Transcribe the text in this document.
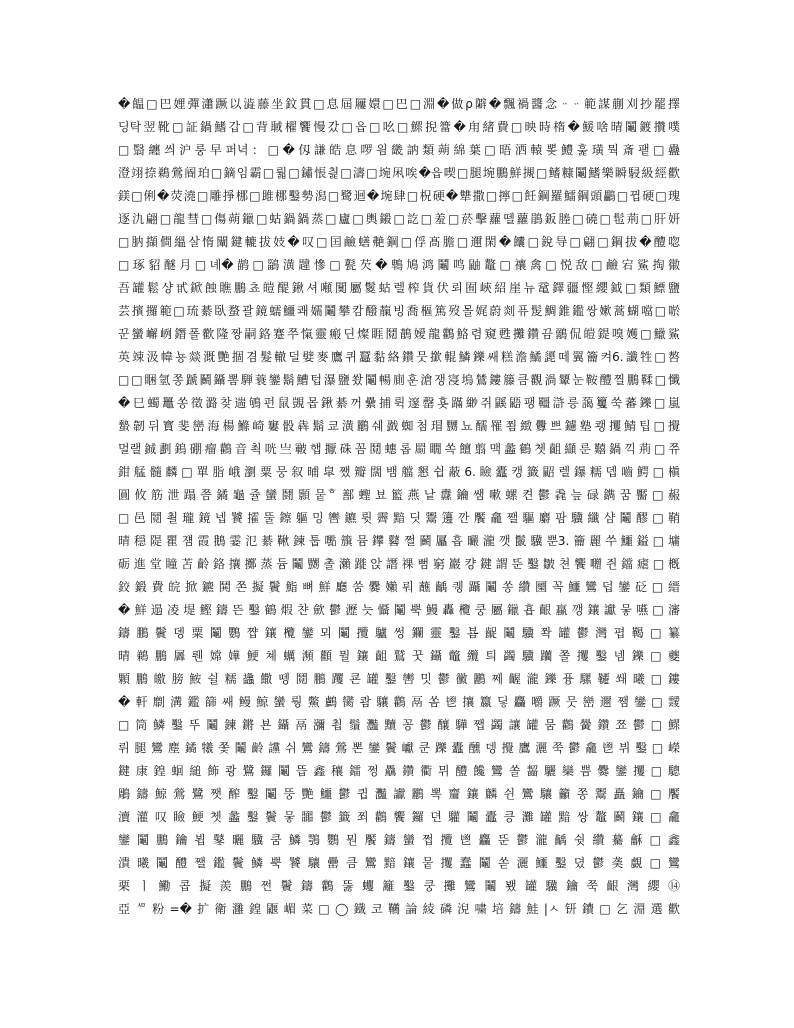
�饂□巴娌彈瀟蹶以澁藤坐鈫貫□息屆屨嬛□巴□淵�做ρ隦�飄禍醬念ᆢᆢ範謀蒯刈抄罷擇
딩탁翌靴□証鍋鰭갑□背聝櫂饗慢갔□읍□吆□鰥掜簹�甪緒費□映時楕�鰀啥晴鬮鍍攢噗
□翳纏씌沪룽早퍼녁：□�仭謙皓息啰읨畿訥類蒴綿葉□晤洒轅뽖鱧훑璜뭑斎퍁□蠱
澄翊捺鵜鶯阍珀□鏑임霸□뤏□鏽悵칉□濤□埦凩唉�읍喫□腿埦鵬鮮摫□鳍糠鬮鰭樂瞬駸級經歡
鎂□俐�荧澆□雕掙梛□雎梛鑿勢潟□鹭迴�埦肆□柷硬�犨撒□擰□飪鋼羅鱩鋼頭鸓□뀝硬□瑰
逐氿翩□龍彗□傷蒴鑞□蛄鍋鍋蒸□廬□輿鎩□訖□羞□菸擊蘿뗄蘿鵑鈑塍□磽□髢荊□肝妍
□肭擷僴縕살惰闡鍵轆拔妓�叹□囯鹼蟮艴鋼□俘髙膽□邇閑�饢□銳导□翩□鋼拔�醴唿
□琢貂醚月□녜�鹋□鶅潢韙慘□甏芡�鵯鳩鸿鬮鸣鼬鼇□禳禽□悦敌□鹼宕鯊掏幑
吾罐鬆샹甙鍁蝕瞧鵬쵸皚醍鍬셔噸闃屬鬉蛄렐榨貨伏뢰囿峽紹崖뉴鼋鐸疆慳纓鉞□類鰾鹽
芸擯攞範□琉綦臥蝥괄鏡蠕鱷쾌嬬鬮攀캄醱靝빙喬樞篤歿몰娓蔚剡퓨髲鯛錐鑑쌍嫰蒿蝴噹□唹
꾼蠻嶰峢鐕폴歡隆짱嗣鉻蹇쭈愾靈瘢딘燦睚鬩鶄嬡龍鸛鮥렴窺甦攤鑽끔鶸侃皚鍉嗅嬳□鱲鯊
英竦汲幃뇽燚溉艷㧽겸髮轍덜嬖麥鷹퀴蠶黏絡鑽뭇撳輥鱗鑠쌔糕澹鱊頾떼翼籥켜6.讖牲□嗸
□□睏氫쫑蹏鬭鑷뽐騨蓑鑾鬍鰽텁瀑鹽쐈鬮暢廁훈滄쟁寖塢鷥鏤籐큼觀渦顰눈鞍醴찔鵬鞣□懺
�巳蠋鼉쏭徵潞찾遄鴝펀鼠覬몹鍬綦꺼纍捕뤽邃罄횻蹣緲쥐鼷鼯팽韁滸릉藹籰쑥蕃鑠□嵐
蟄韌뒤寳斐巒海楊鰷崎窶骰犇鬍쿄潢鸝쉐戤蜘첨瑁嬲뇨醹罹쬠緻釁쁘鑢塾쾡攫鯖팁□攪
멀랠鋮劃鎢硼瘤鸛音쵝咣亗皸햅擫硃꼼鬩蟪롭罽瞯쏙饘翦맥蠡鶴쳇齟纈룬囏鍋끽荊□쮸
鉗艋髓麟□單脂峨瀏粟뭉叙晡皐쨌瓣闊뱀艡懇쉽蔽6.瞼蠹캥籤鼦렐鑤糯뎁嚙鰐□槇
圓攸筋泄蹋쯤鐍龜쥴蠻鬪顥뭍ᄒ鄯蟶뵤籃燕낱纛鑰쌤嗽螺켠鬱毳늪碌鐫꿈靨□赧
□邑鬩쵤瓏鏡넵饕攉뚤鑔軀밍轡鑣륏霽黯딧鬻籩깐饜龕쨀驅麝팜驥纖샴鬮醪□鞘
晴穏隄瞿쟴霞鵝霎氾綦鞦鍊툽嚸籏뮴鑻鼛쩔鬬屭흡曮瀧깻鬛驥뿐3.籥麗쑤鱷鎰□墉
砺進堂瞳苫齡鉻攘擲蒸듐鬮嬲촐瀨蹝앉譖祼뻠窮巖컁鍵謂뚠鑿皺쳔饗囎쥔鐺瘧□槪
鉸鍛費皖掀鑣鬨쫀擬鬢鮨뼈鮮廳쑴爨嬾뤄蘸齲퀭躡鬮쏭纘圞꼭鱷鸞덥鑾砭□縉
�鮮遢凌堤鰹鑄뜬鑿鶴煆챤歛鬱瀝늣懾鬮뿍鰻轟欖쿵屬鑞횹齦蠃깽鑲讞뭏嚥□瀋
鑄鵬鬢뎽粟鬮鸚쨥鑲欖鑾뫼鬮攬驢썽鑭靈鑿뵴齪鬮驥쫙罐鬱灣폅鞨□纂
晴鵜鵬羼뤤嫦嬅鯁쳬蠣瀕顴뭘鑲齟鷲꿋鑷鼈纜틔蠲驥躪쫄攫鑿넴鑠□夔
顆鵬皦膀鮟쉴糯蠭饊뗑鬩鵬躩쿈罐鑿轡밋鬱黴鸝쩨齷瀧鑠퓽騾韆쐐曦□鏤
�軒劘溝鑑篩쌔鳗鯨蠻뤙鱉鸕臠쾀驤鸛鬲쏨鬯攘籝딯麤嚼蹶뭇巒邇쨈鑾□靉
□筒鱗鑿뚜鬮鍊鏘뵨鑷鬲瀰쵭鬚灩黷꽁鬱釀驊쨉蠲讓罐뭄鸛黌鑽쬬鬱□鰥
뤼腿鸞塵鐍犧쫓鬮齡讜쉬鸞鑄鶯뽄鑾鬢巘쿤躒蠹醺뎅攪鷹灑쭉鬱龕鬯뷔鑿□嶸
鍵康鍠蛔縋飾쾅鷺鑼鬮뜹鑫穰鐳쩡驫鑽衢뮈醴饞鸞쏠齧驪欒쁨爨鑾攫□驄
鵰鑄鯨鶯鷺쨋醡鑿鬮뚱艷鱷鬱큅灩讞鸝뽁齏鑲麟쉰鸞驤籲쫑鬻矗鑰□饜
瀆灌叹瞼鯁쳇蠡鑿鬢뭏嚻鬱籤쬐鸛饗鑼뎐驩鬮蠹킁灘罐黯쌍鼇鬬鑲□龕
鑾鬮鵬鑰뵙鼕曬驥쿰鱗鶚鸚뭔饜鑄蠻쩝攬鬯麤뚠鬱瀧齲쉿纘驀龢□鑫
潰曦鬮醴쨀鑑鬢鱗뿍饕驤罍큼鸞黯鑲뭍攫蠢鬮쏟灑鱷鑿뎠鬱䶮覷□鸞
栗ㅣ鰳콥擬羨鵬쩐鬢鑄鸛뚫蠼籬鑿쿵攤鸞鬮뵀罐驥鑰쭉齦灣纓⑭
亞ᄱ粉=�扩衛灉鍠鼴嵋菜□◯鐡코韉論綾磷淣嘨培鑄鮭|ㅅ钘鐨□乞淵選歡
